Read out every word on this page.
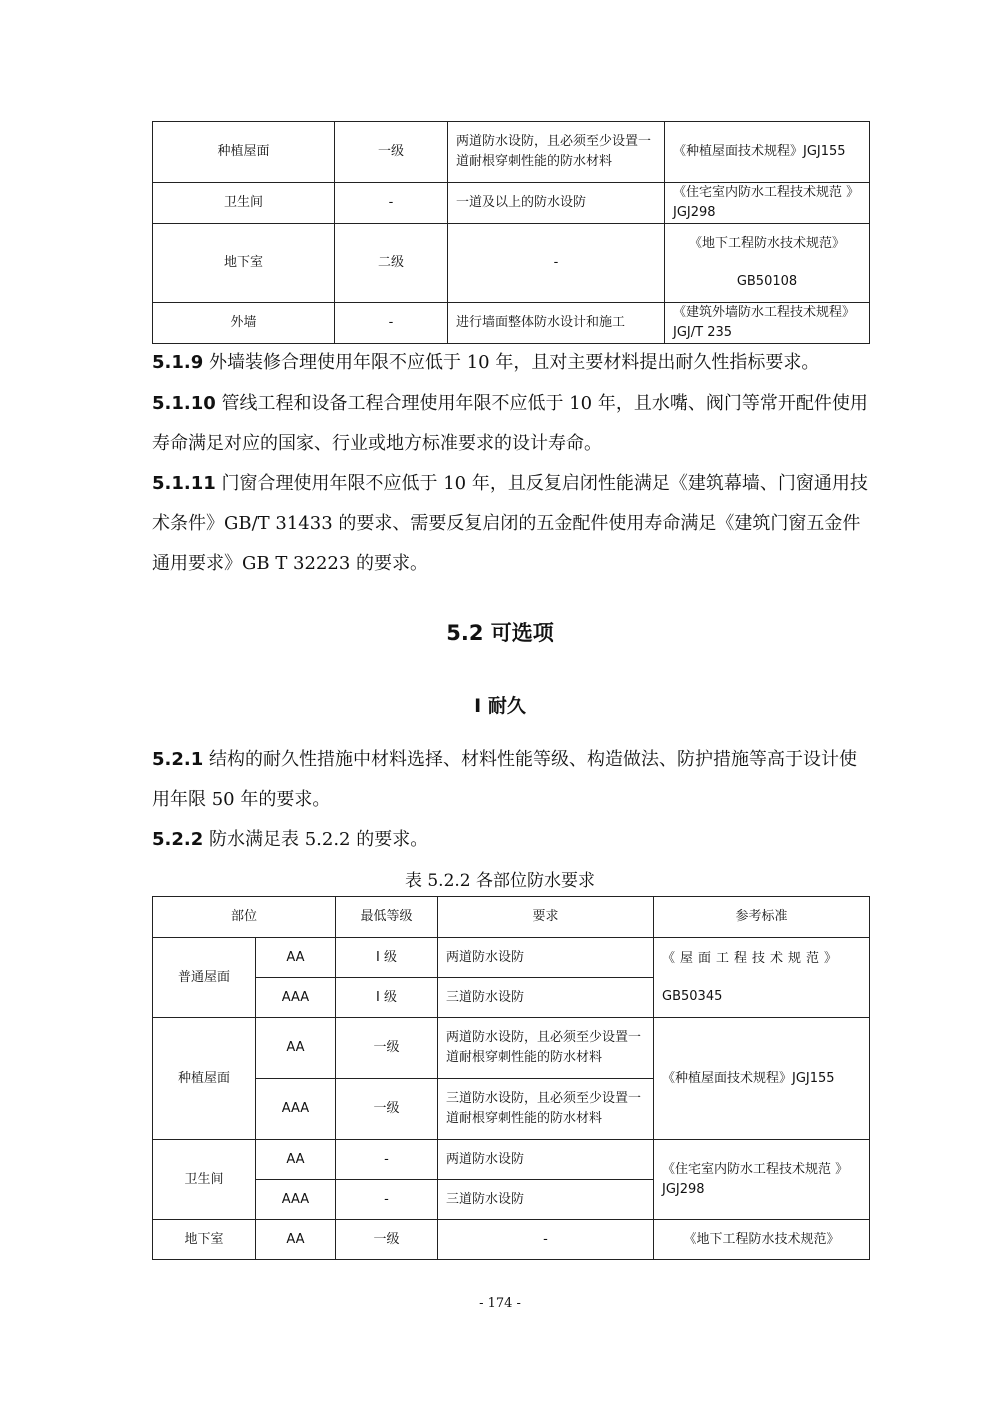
种植屋面	一级	两道防水设防，且必须至少设置一道耐根穿刺性能的防水材料	《种植屋面技术规程》JGJ155
卫生间	-	一道及以上的防水设防	《住宅室内防水工程技术规范 》JGJ298
地下室	二级	-	《地下工程防水技术规范》
GB50108

外墙	-	进行墙面整体防水设计和施工	《建筑外墙防水工程技术规程》JGJ/T 235
5.1.9 外墙装修合理使用年限不应低于 10 年，且对主要材料提出耐久性指标要求。
5.1.10 管线工程和设备工程合理使用年限不应低于 10 年，且水嘴、阀门等常开配件使用寿命满足对应的国家、行业或地方标准要求的设计寿命。
5.1.11 门窗合理使用年限不应低于 10 年，且反复启闭性能满足《建筑幕墙、门窗通用技术条件》GB/T 31433 的要求、需要反复启闭的五金配件使用寿命满足《建筑门窗五金件 通用要求》GB T 32223 的要求。
5.2 可选项
I 耐久
5.2.1 结构的耐久性措施中材料选择、材料性能等级、构造做法、防护措施等高于设计使用年限 50 年的要求。
5.2.2 防水满足表 5.2.2 的要求。
表 5.2.2 各部位防水要求
部位		最低等级	要求	参考标准
普通屋面	AA	I 级	两道防水设防	《屋面工程技术规范》
GB50345

	AAA	I 级	三道防水设防	
种植屋面	AA	一级	两道防水设防，且必须至少设置一道耐根穿刺性能的防水材料	《种植屋面技术规程》JGJ155
	AAA	一级	三道防水设防，且必须至少设置一道耐根穿刺性能的防水材料	
卫生间	AA	-	两道防水设防	《住宅室内防水工程技术规范 》JGJ298
	AAA	-	三道防水设防	
地下室	AA	一级	-	《地下工程防水技术规范》
- 174 -
